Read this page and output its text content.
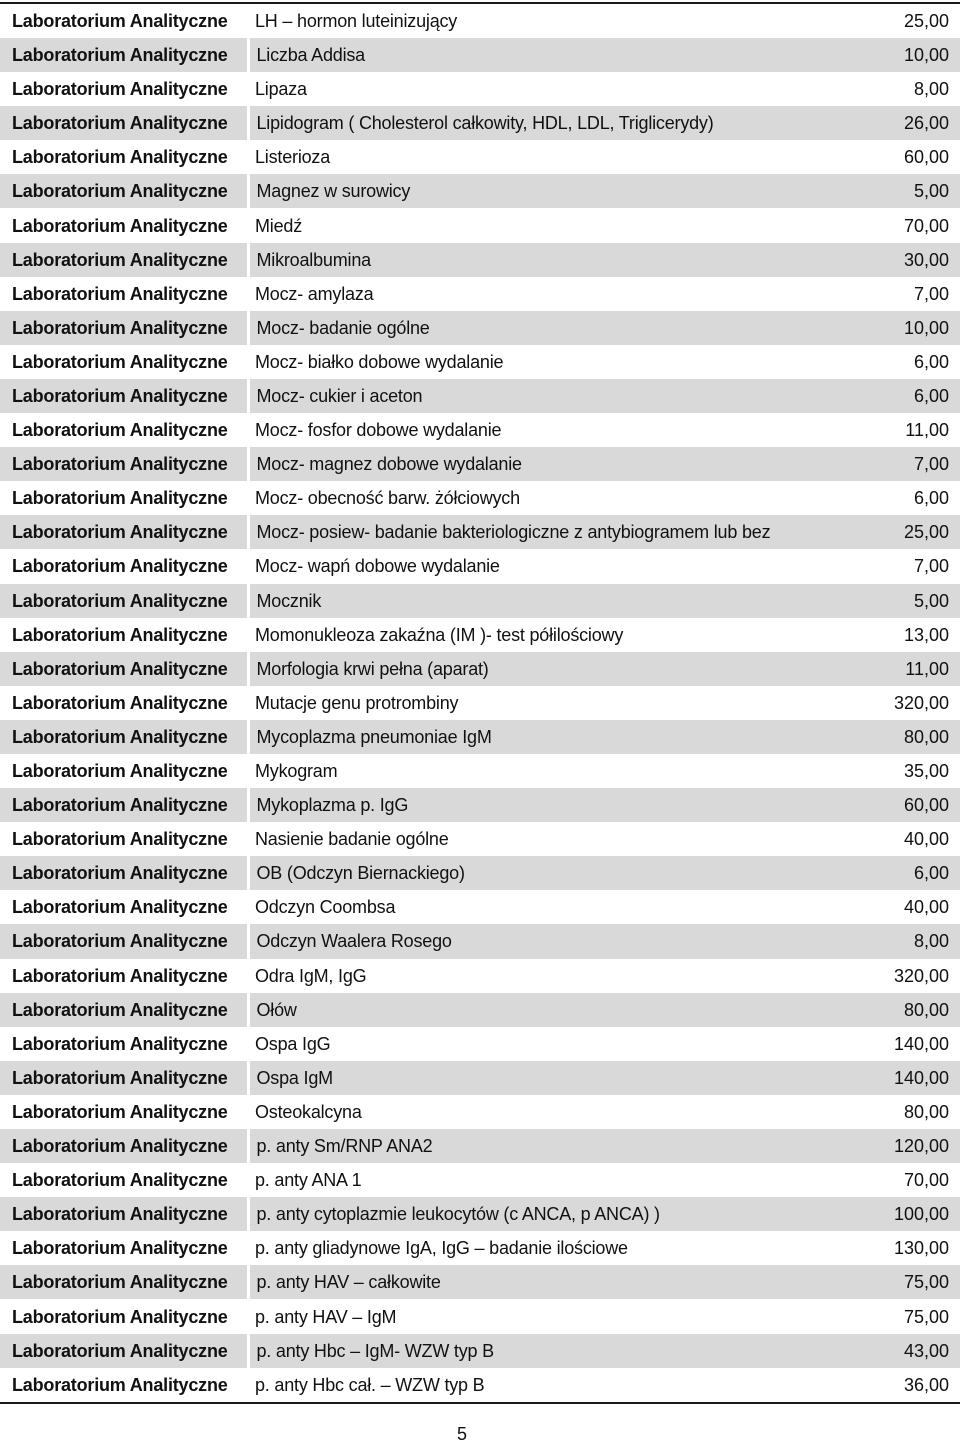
Laboratorium Analityczne	LH – hormon luteinizujący	25,00
Laboratorium Analityczne	Liczba Addisa	10,00
Laboratorium Analityczne	Lipaza	8,00
Laboratorium Analityczne	Lipidogram ( Cholesterol całkowity, HDL, LDL, Triglicerydy)	26,00
Laboratorium Analityczne	Listerioza	60,00
Laboratorium Analityczne	Magnez w surowicy	5,00
Laboratorium Analityczne	Miedź	70,00
Laboratorium Analityczne	Mikroalbumina	30,00
Laboratorium Analityczne	Mocz- amylaza	7,00
Laboratorium Analityczne	Mocz- badanie ogólne	10,00
Laboratorium Analityczne	Mocz- białko dobowe wydalanie	6,00
Laboratorium Analityczne	Mocz- cukier i aceton	6,00
Laboratorium Analityczne	Mocz- fosfor dobowe wydalanie	11,00
Laboratorium Analityczne	Mocz- magnez dobowe wydalanie	7,00
Laboratorium Analityczne	Mocz- obecność barw. żółciowych	6,00
Laboratorium Analityczne	Mocz- posiew- badanie bakteriologiczne z antybiogramem lub bez	25,00
Laboratorium Analityczne	Mocz- wapń dobowe wydalanie	7,00
Laboratorium Analityczne	Mocznik	5,00
Laboratorium Analityczne	Momonukleoza zakaźna (IM )- test półilościowy	13,00
Laboratorium Analityczne	Morfologia krwi pełna (aparat)	11,00
Laboratorium Analityczne	Mutacje genu protrombiny	320,00
Laboratorium Analityczne	Mycoplazma pneumoniae IgM	80,00
Laboratorium Analityczne	Mykogram	35,00
Laboratorium Analityczne	Mykoplazma p. IgG	60,00
Laboratorium Analityczne	Nasienie badanie ogólne	40,00
Laboratorium Analityczne	OB (Odczyn Biernackiego)	6,00
Laboratorium Analityczne	Odczyn Coombsa	40,00
Laboratorium Analityczne	Odczyn Waalera Rosego	8,00
Laboratorium Analityczne	Odra IgM, IgG	320,00
Laboratorium Analityczne	Ołów	80,00
Laboratorium Analityczne	Ospa IgG	140,00
Laboratorium Analityczne	Ospa IgM	140,00
Laboratorium Analityczne	Osteokalcyna	80,00
Laboratorium Analityczne	p. anty Sm/RNP ANA2	120,00
Laboratorium Analityczne	p. anty ANA 1	70,00
Laboratorium Analityczne	p. anty cytoplazmie leukocytów (c ANCA, p ANCA) )	100,00
Laboratorium Analityczne	p. anty gliadynowe IgA, IgG – badanie ilościowe	130,00
Laboratorium Analityczne	p. anty HAV – całkowite	75,00
Laboratorium Analityczne	p. anty HAV – IgM	75,00
Laboratorium Analityczne	p. anty Hbc – IgM- WZW typ B	43,00
Laboratorium Analityczne	p. anty Hbc cał. – WZW typ B	36,00
5
